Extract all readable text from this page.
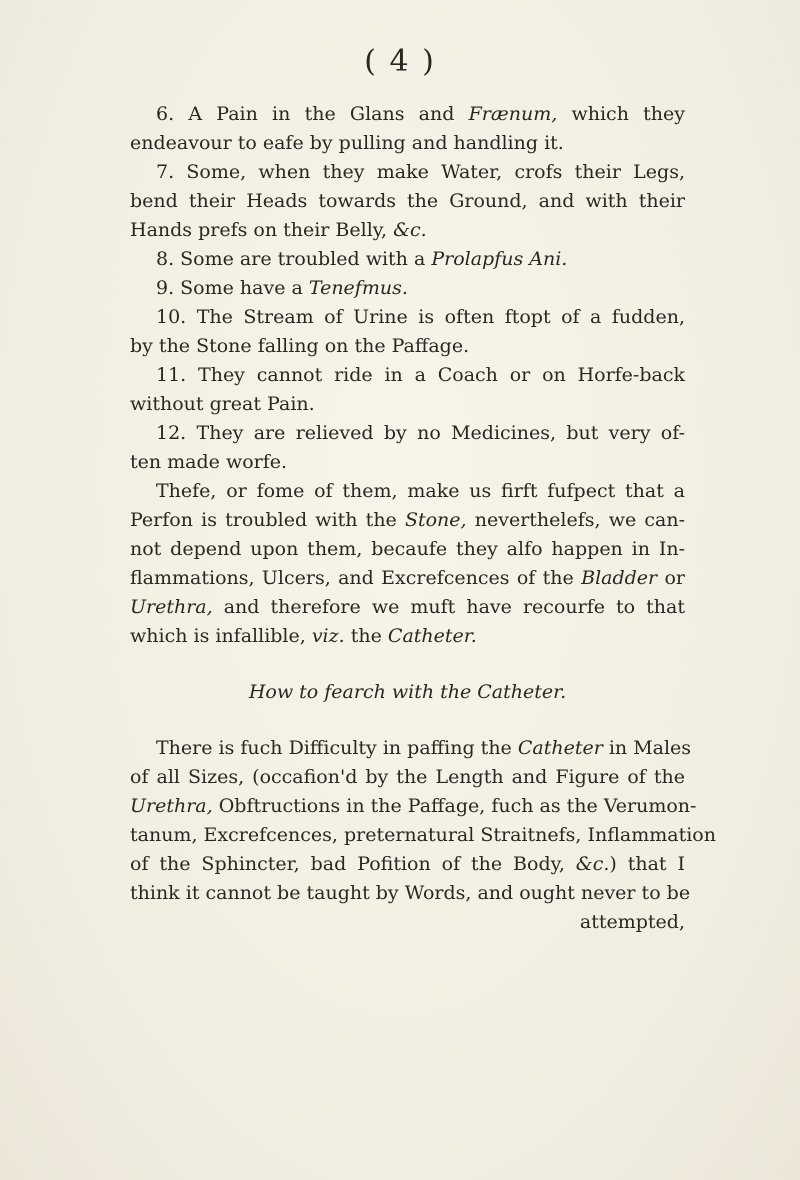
( 4 )
6. A Pain in the Glans and Frænum, which they
endeavour to eafe by pulling and handling it.
7. Some, when they make Water, crofs their Legs,
bend their Heads towards the Ground, and with their
Hands prefs on their Belly, &c.
8. Some are troubled with a Prolapfus Ani.
9. Some have a Tenefmus.
10. The Stream of Urine is often ftopt of a fudden,
by the Stone falling on the Paffage.
11. They cannot ride in a Coach or on Horfe-back
without great Pain.
12. They are relieved by no Medicines, but very of-
ten made worfe.
Thefe, or fome of them, make us firft fufpect that a
Perfon is troubled with the Stone, neverthelefs, we can-
not depend upon them, becaufe they alfo happen in In-
flammations, Ulcers, and Excrefcences of the Bladder or
Urethra, and therefore we muft have recourfe to that
which is infallible, viz. the Catheter.
How to fearch with the Catheter.
There is fuch Difficulty in paffing the Catheter in Males
of all Sizes, (occafion'd by the Length and Figure of the
Urethra, Obftructions in the Paffage, fuch as the Verumon-
tanum, Excrefcences, preternatural Straitnefs, Inflammation
of the Sphincter, bad Pofition of the Body, &c.) that I
think it cannot be taught by Words, and ought never to be
attempted,
